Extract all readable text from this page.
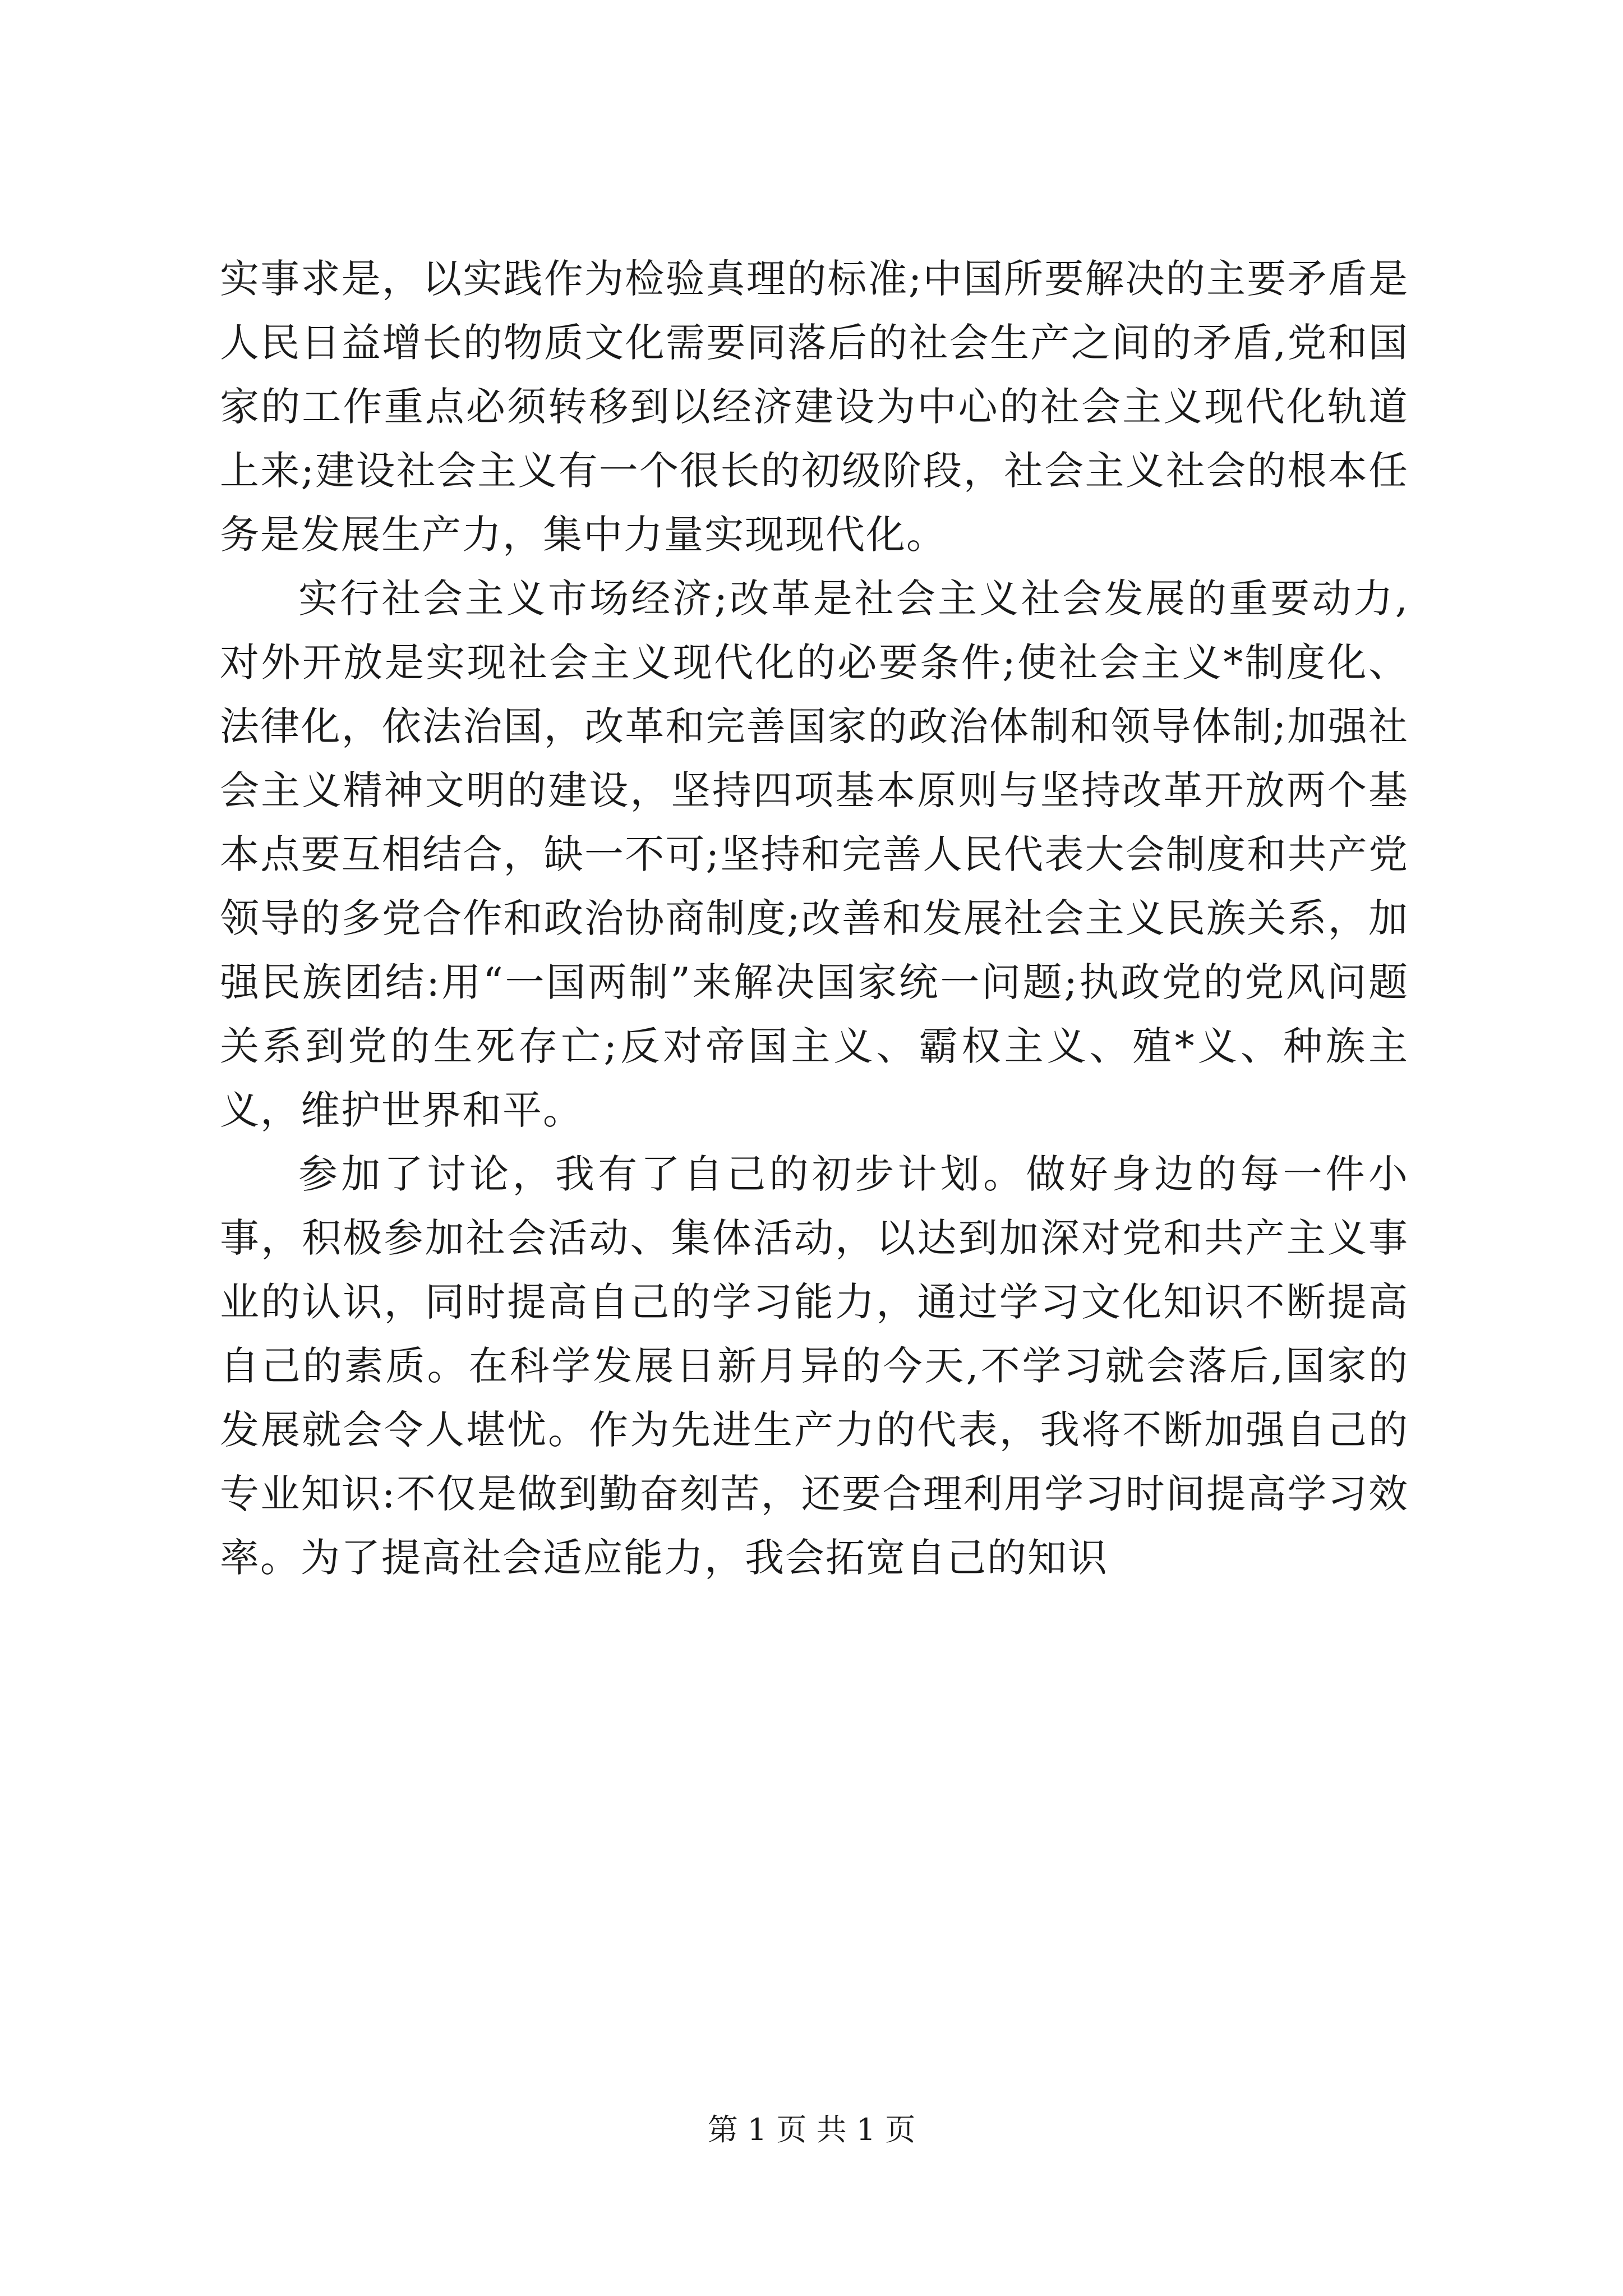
实事求是，以实践作为检验真理的标准;中国所要解决的主要矛盾是人民日益增长的物质文化需要同落后的社会生产之间的矛盾,党和国家的工作重点必须转移到以经济建设为中心的社会主义现代化轨道上来;建设社会主义有一个很长的初级阶段，社会主义社会的根本任务是发展生产力，集中力量实现现代化。

实行社会主义市场经济;改革是社会主义社会发展的重要动力,对外开放是实现社会主义现代化的必要条件;使社会主义*制度化、法律化，依法治国，改革和完善国家的政治体制和领导体制;加强社会主义精神文明的建设，坚持四项基本原则与坚持改革开放两个基本点要互相结合，缺一不可;坚持和完善人民代表大会制度和共产党领导的多党合作和政治协商制度;改善和发展社会主义民族关系，加强民族团结:用“一国两制”来解决国家统一问题;执政党的党风问题关系到党的生死存亡;反对帝国主义、霸权主义、殖*义、种族主义，维护世界和平。

参加了讨论，我有了自己的初步计划。做好身边的每一件小事，积极参加社会活动、集体活动，以达到加深对党和共产主义事业的认识，同时提高自己的学习能力，通过学习文化知识不断提高自己的素质。在科学发展日新月异的今天,不学习就会落后,国家的发展就会令人堪忧。作为先进生产力的代表，我将不断加强自己的专业知识:不仅是做到勤奋刻苦，还要合理利用学习时间提高学习效率。为了提高社会适应能力，我会拓宽自己的知识

第 1 页 共 1 页
